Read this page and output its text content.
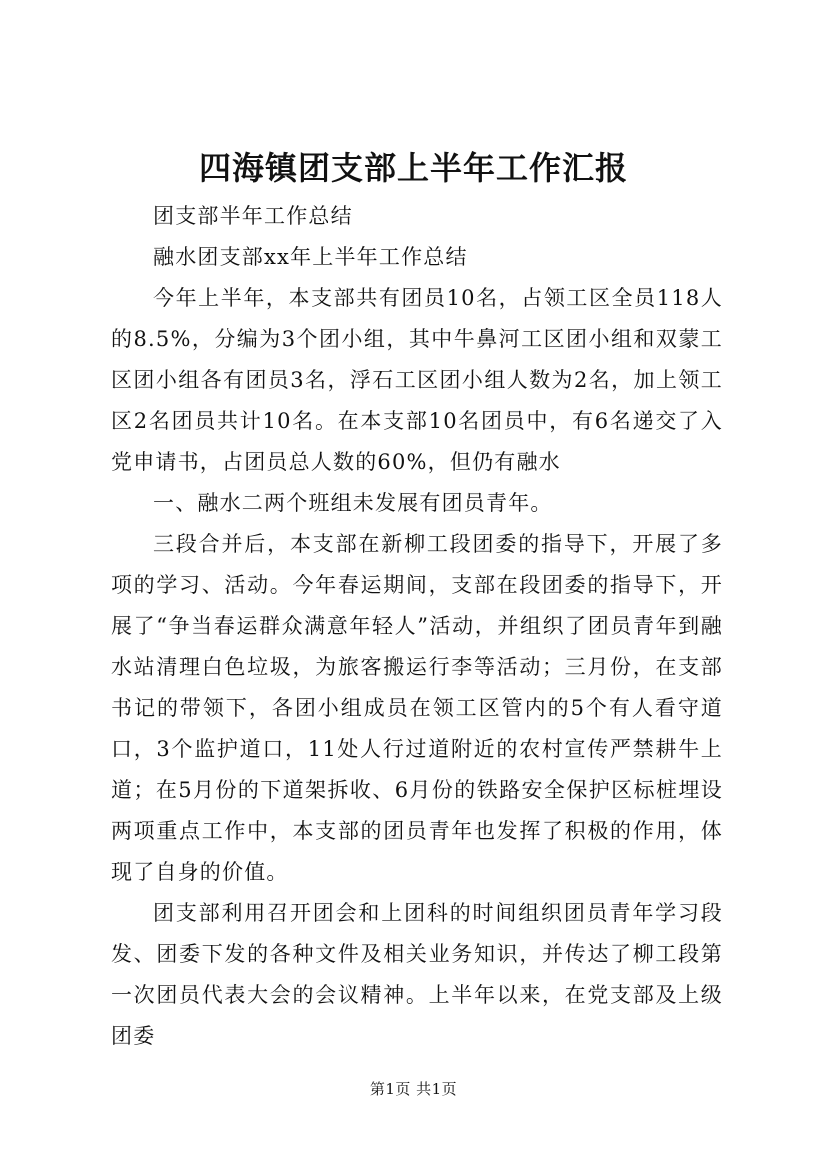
四海镇团支部上半年工作汇报

团支部半年工作总结

融水团支部xx年上半年工作总结

今年上半年，本支部共有团员10名，占领工区全员118人的8.5%，分编为3个团小组，其中牛鼻河工区团小组和双蒙工区团小组各有团员3名，浮石工区团小组人数为2名，加上领工区2名团员共计10名。在本支部10名团员中，有6名递交了入党申请书，占团员总人数的60%，但仍有融水

一、融水二两个班组未发展有团员青年。

三段合并后，本支部在新柳工段团委的指导下，开展了多项的学习、活动。今年春运期间，支部在段团委的指导下，开展了“争当春运群众满意年轻人”活动，并组织了团员青年到融水站清理白色垃圾，为旅客搬运行李等活动；三月份，在支部书记的带领下，各团小组成员在领工区管内的5个有人看守道口，3个监护道口，11处人行过道附近的农村宣传严禁耕牛上道；在5月份的下道架拆收、6月份的铁路安全保护区标桩埋设两项重点工作中，本支部的团员青年也发挥了积极的作用，体现了自身的价值。

团支部利用召开团会和上团科的时间组织团员青年学习段发、团委下发的各种文件及相关业务知识，并传达了柳工段第一次团员代表大会的会议精神。上半年以来，在党支部及上级团委

第1页 共1页
